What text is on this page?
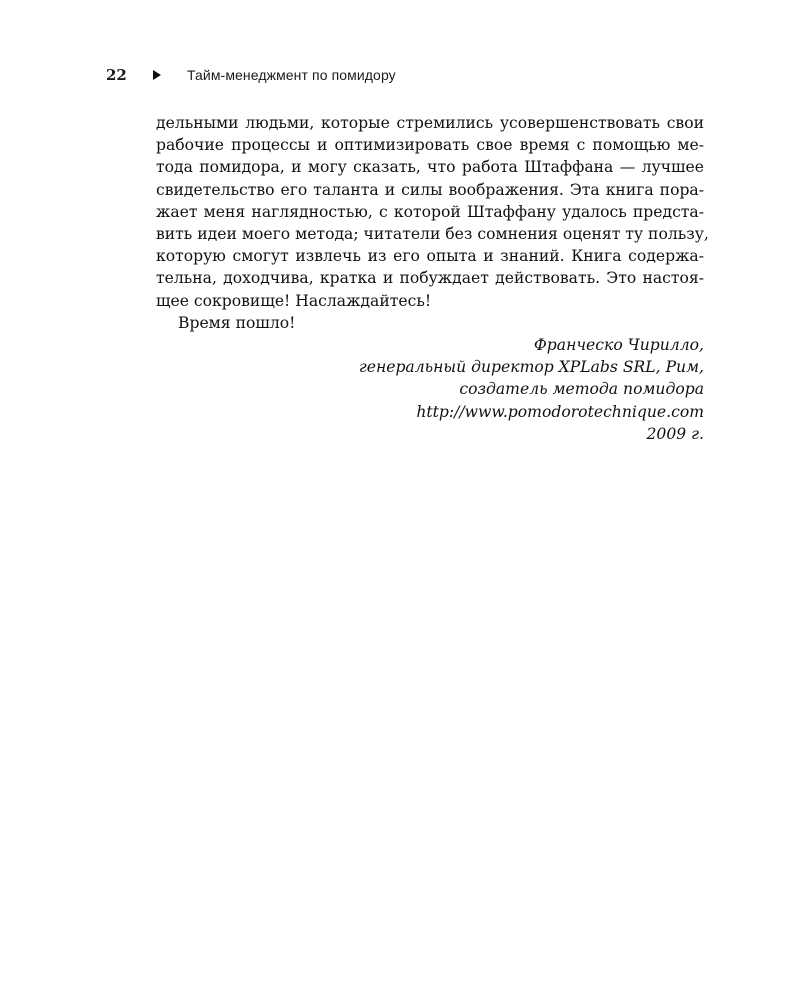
22	Тайм-менеджмент по помидору
дельными людьми, которые стремились усовершенствовать свои
рабочие процессы и оптимизировать свое время с помощью ме-
тода помидора, и могу сказать, что работа Штаффана — лучшее
свидетельство его таланта и силы воображения. Эта книга пора-
жает меня наглядностью, с которой Штаффану удалось предста-
вить идеи моего метода; читатели без сомнения оценят ту пользу,
которую смогут извлечь из его опыта и знаний. Книга содержа-
тельна, доходчива, кратка и побуждает действовать. Это настоя-
щее сокровище! Наслаждайтесь!
Время пошло!
Франческо Чирилло,
генеральный директор XPLabs SRL, Рим,
создатель метода помидора
http://www.pomodorotechnique.com
2009 г.
